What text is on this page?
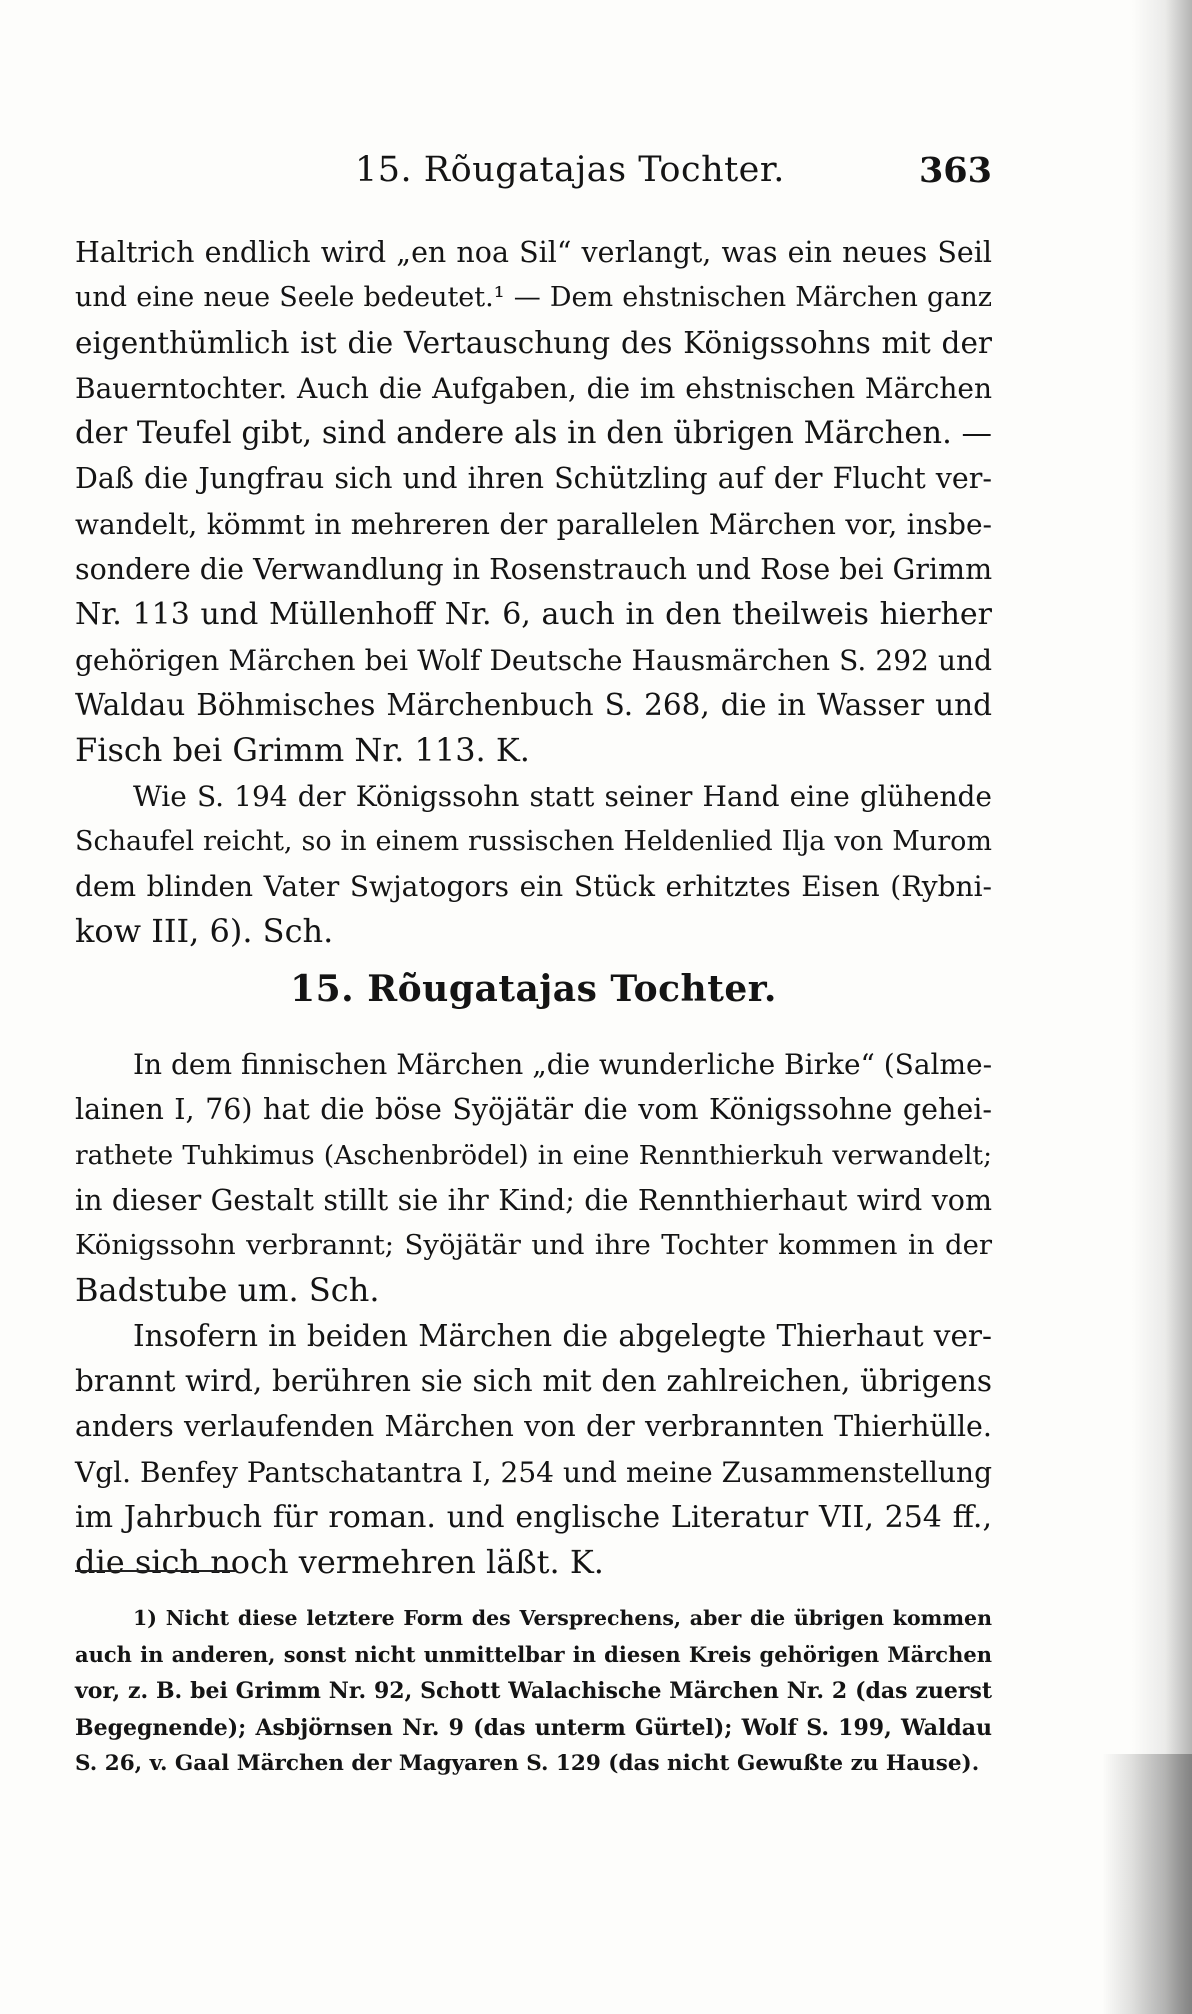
15. Rõugatajas Tochter.	363
Haltrich endlich wird „en noa Sil“ verlangt, was ein neues Seil
und eine neue Seele bedeutet.¹ — Dem ehstnischen Märchen ganz
eigenthümlich ist die Vertauschung des Königssohns mit der
Bauerntochter. Auch die Aufgaben, die im ehstnischen Märchen
der Teufel gibt, sind andere als in den übrigen Märchen. —
Daß die Jungfrau sich und ihren Schützling auf der Flucht ver-
wandelt, kömmt in mehreren der parallelen Märchen vor, insbe-
sondere die Verwandlung in Rosenstrauch und Rose bei Grimm
Nr. 113 und Müllenhoff Nr. 6, auch in den theilweis hierher
gehörigen Märchen bei Wolf Deutsche Hausmärchen S. 292 und
Waldau Böhmisches Märchenbuch S. 268, die in Wasser und
Fisch bei Grimm Nr. 113. K.
Wie S. 194 der Königssohn statt seiner Hand eine glühende
Schaufel reicht, so in einem russischen Heldenlied Ilja von Murom
dem blinden Vater Swjatogors ein Stück erhitztes Eisen (Rybni-
kow III, 6). Sch.
15. Rõugatajas Tochter.
In dem finnischen Märchen „die wunderliche Birke“ (Salme-
lainen I, 76) hat die böse Syöjätär die vom Königssohne gehei-
rathete Tuhkimus (Aschenbrödel) in eine Rennthierkuh verwandelt;
in dieser Gestalt stillt sie ihr Kind; die Rennthierhaut wird vom
Königssohn verbrannt; Syöjätär und ihre Tochter kommen in der
Badstube um. Sch.
Insofern in beiden Märchen die abgelegte Thierhaut ver-
brannt wird, berühren sie sich mit den zahlreichen, übrigens
anders verlaufenden Märchen von der verbrannten Thierhülle.
Vgl. Benfey Pantschatantra I, 254 und meine Zusammenstellung
im Jahrbuch für roman. und englische Literatur VII, 254 ff.,
die sich noch vermehren läßt. K.
1) Nicht diese letztere Form des Versprechens, aber die übrigen kommen
auch in anderen, sonst nicht unmittelbar in diesen Kreis gehörigen Märchen
vor, z. B. bei Grimm Nr. 92, Schott Walachische Märchen Nr. 2 (das zuerst
Begegnende); Asbjörnsen Nr. 9 (das unterm Gürtel); Wolf S. 199, Waldau
S. 26, v. Gaal Märchen der Magyaren S. 129 (das nicht Gewußte zu Hause).
